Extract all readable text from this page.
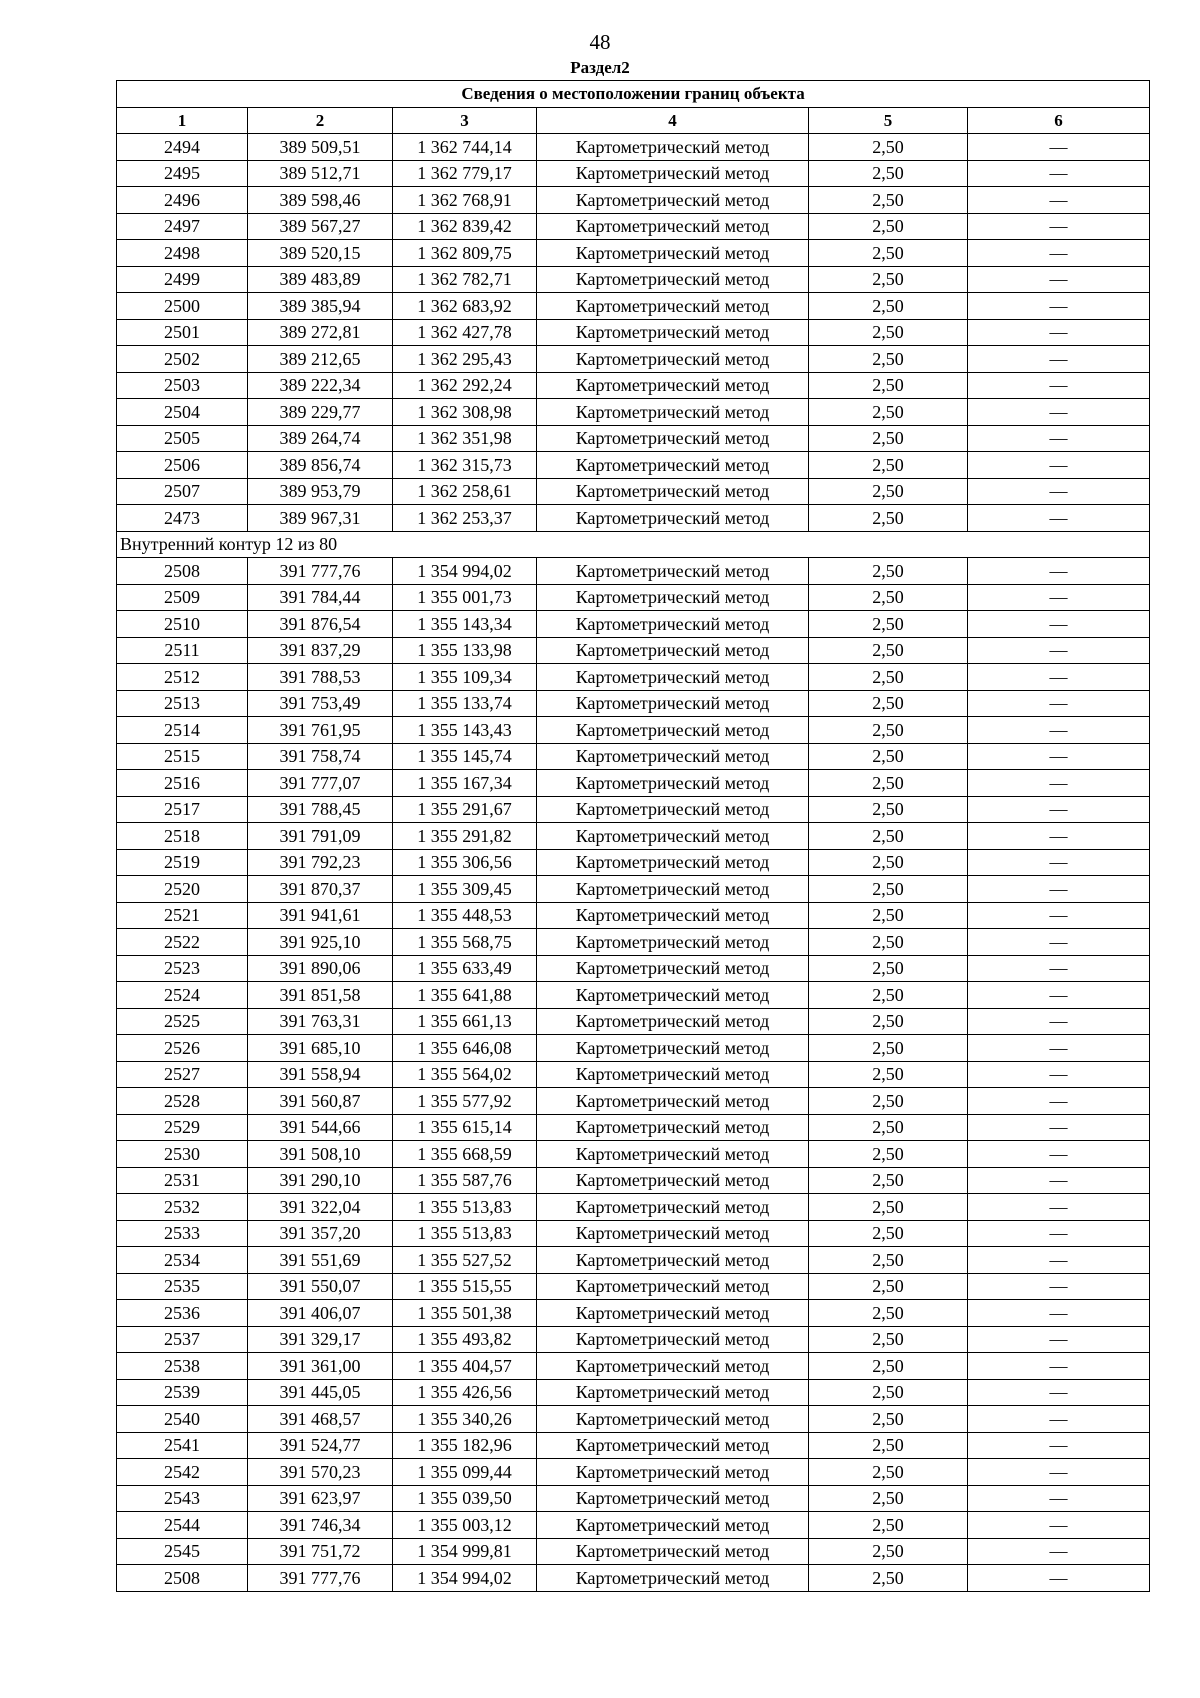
48
Раздел2
Сведения о местоположении границ объекта					
1	2	3	4	5	6
2494	389 509,51	1 362 744,14	Картометрический метод	2,50	—
2495	389 512,71	1 362 779,17	Картометрический метод	2,50	—
2496	389 598,46	1 362 768,91	Картометрический метод	2,50	—
2497	389 567,27	1 362 839,42	Картометрический метод	2,50	—
2498	389 520,15	1 362 809,75	Картометрический метод	2,50	—
2499	389 483,89	1 362 782,71	Картометрический метод	2,50	—
2500	389 385,94	1 362 683,92	Картометрический метод	2,50	—
2501	389 272,81	1 362 427,78	Картометрический метод	2,50	—
2502	389 212,65	1 362 295,43	Картометрический метод	2,50	—
2503	389 222,34	1 362 292,24	Картометрический метод	2,50	—
2504	389 229,77	1 362 308,98	Картометрический метод	2,50	—
2505	389 264,74	1 362 351,98	Картометрический метод	2,50	—
2506	389 856,74	1 362 315,73	Картометрический метод	2,50	—
2507	389 953,79	1 362 258,61	Картометрический метод	2,50	—
2473	389 967,31	1 362 253,37	Картометрический метод	2,50	—
Внутренний контур 12 из 80					
2508	391 777,76	1 354 994,02	Картометрический метод	2,50	—
2509	391 784,44	1 355 001,73	Картометрический метод	2,50	—
2510	391 876,54	1 355 143,34	Картометрический метод	2,50	—
2511	391 837,29	1 355 133,98	Картометрический метод	2,50	—
2512	391 788,53	1 355 109,34	Картометрический метод	2,50	—
2513	391 753,49	1 355 133,74	Картометрический метод	2,50	—
2514	391 761,95	1 355 143,43	Картометрический метод	2,50	—
2515	391 758,74	1 355 145,74	Картометрический метод	2,50	—
2516	391 777,07	1 355 167,34	Картометрический метод	2,50	—
2517	391 788,45	1 355 291,67	Картометрический метод	2,50	—
2518	391 791,09	1 355 291,82	Картометрический метод	2,50	—
2519	391 792,23	1 355 306,56	Картометрический метод	2,50	—
2520	391 870,37	1 355 309,45	Картометрический метод	2,50	—
2521	391 941,61	1 355 448,53	Картометрический метод	2,50	—
2522	391 925,10	1 355 568,75	Картометрический метод	2,50	—
2523	391 890,06	1 355 633,49	Картометрический метод	2,50	—
2524	391 851,58	1 355 641,88	Картометрический метод	2,50	—
2525	391 763,31	1 355 661,13	Картометрический метод	2,50	—
2526	391 685,10	1 355 646,08	Картометрический метод	2,50	—
2527	391 558,94	1 355 564,02	Картометрический метод	2,50	—
2528	391 560,87	1 355 577,92	Картометрический метод	2,50	—
2529	391 544,66	1 355 615,14	Картометрический метод	2,50	—
2530	391 508,10	1 355 668,59	Картометрический метод	2,50	—
2531	391 290,10	1 355 587,76	Картометрический метод	2,50	—
2532	391 322,04	1 355 513,83	Картометрический метод	2,50	—
2533	391 357,20	1 355 513,83	Картометрический метод	2,50	—
2534	391 551,69	1 355 527,52	Картометрический метод	2,50	—
2535	391 550,07	1 355 515,55	Картометрический метод	2,50	—
2536	391 406,07	1 355 501,38	Картометрический метод	2,50	—
2537	391 329,17	1 355 493,82	Картометрический метод	2,50	—
2538	391 361,00	1 355 404,57	Картометрический метод	2,50	—
2539	391 445,05	1 355 426,56	Картометрический метод	2,50	—
2540	391 468,57	1 355 340,26	Картометрический метод	2,50	—
2541	391 524,77	1 355 182,96	Картометрический метод	2,50	—
2542	391 570,23	1 355 099,44	Картометрический метод	2,50	—
2543	391 623,97	1 355 039,50	Картометрический метод	2,50	—
2544	391 746,34	1 355 003,12	Картометрический метод	2,50	—
2545	391 751,72	1 354 999,81	Картометрический метод	2,50	—
2508	391 777,76	1 354 994,02	Картометрический метод	2,50	—
